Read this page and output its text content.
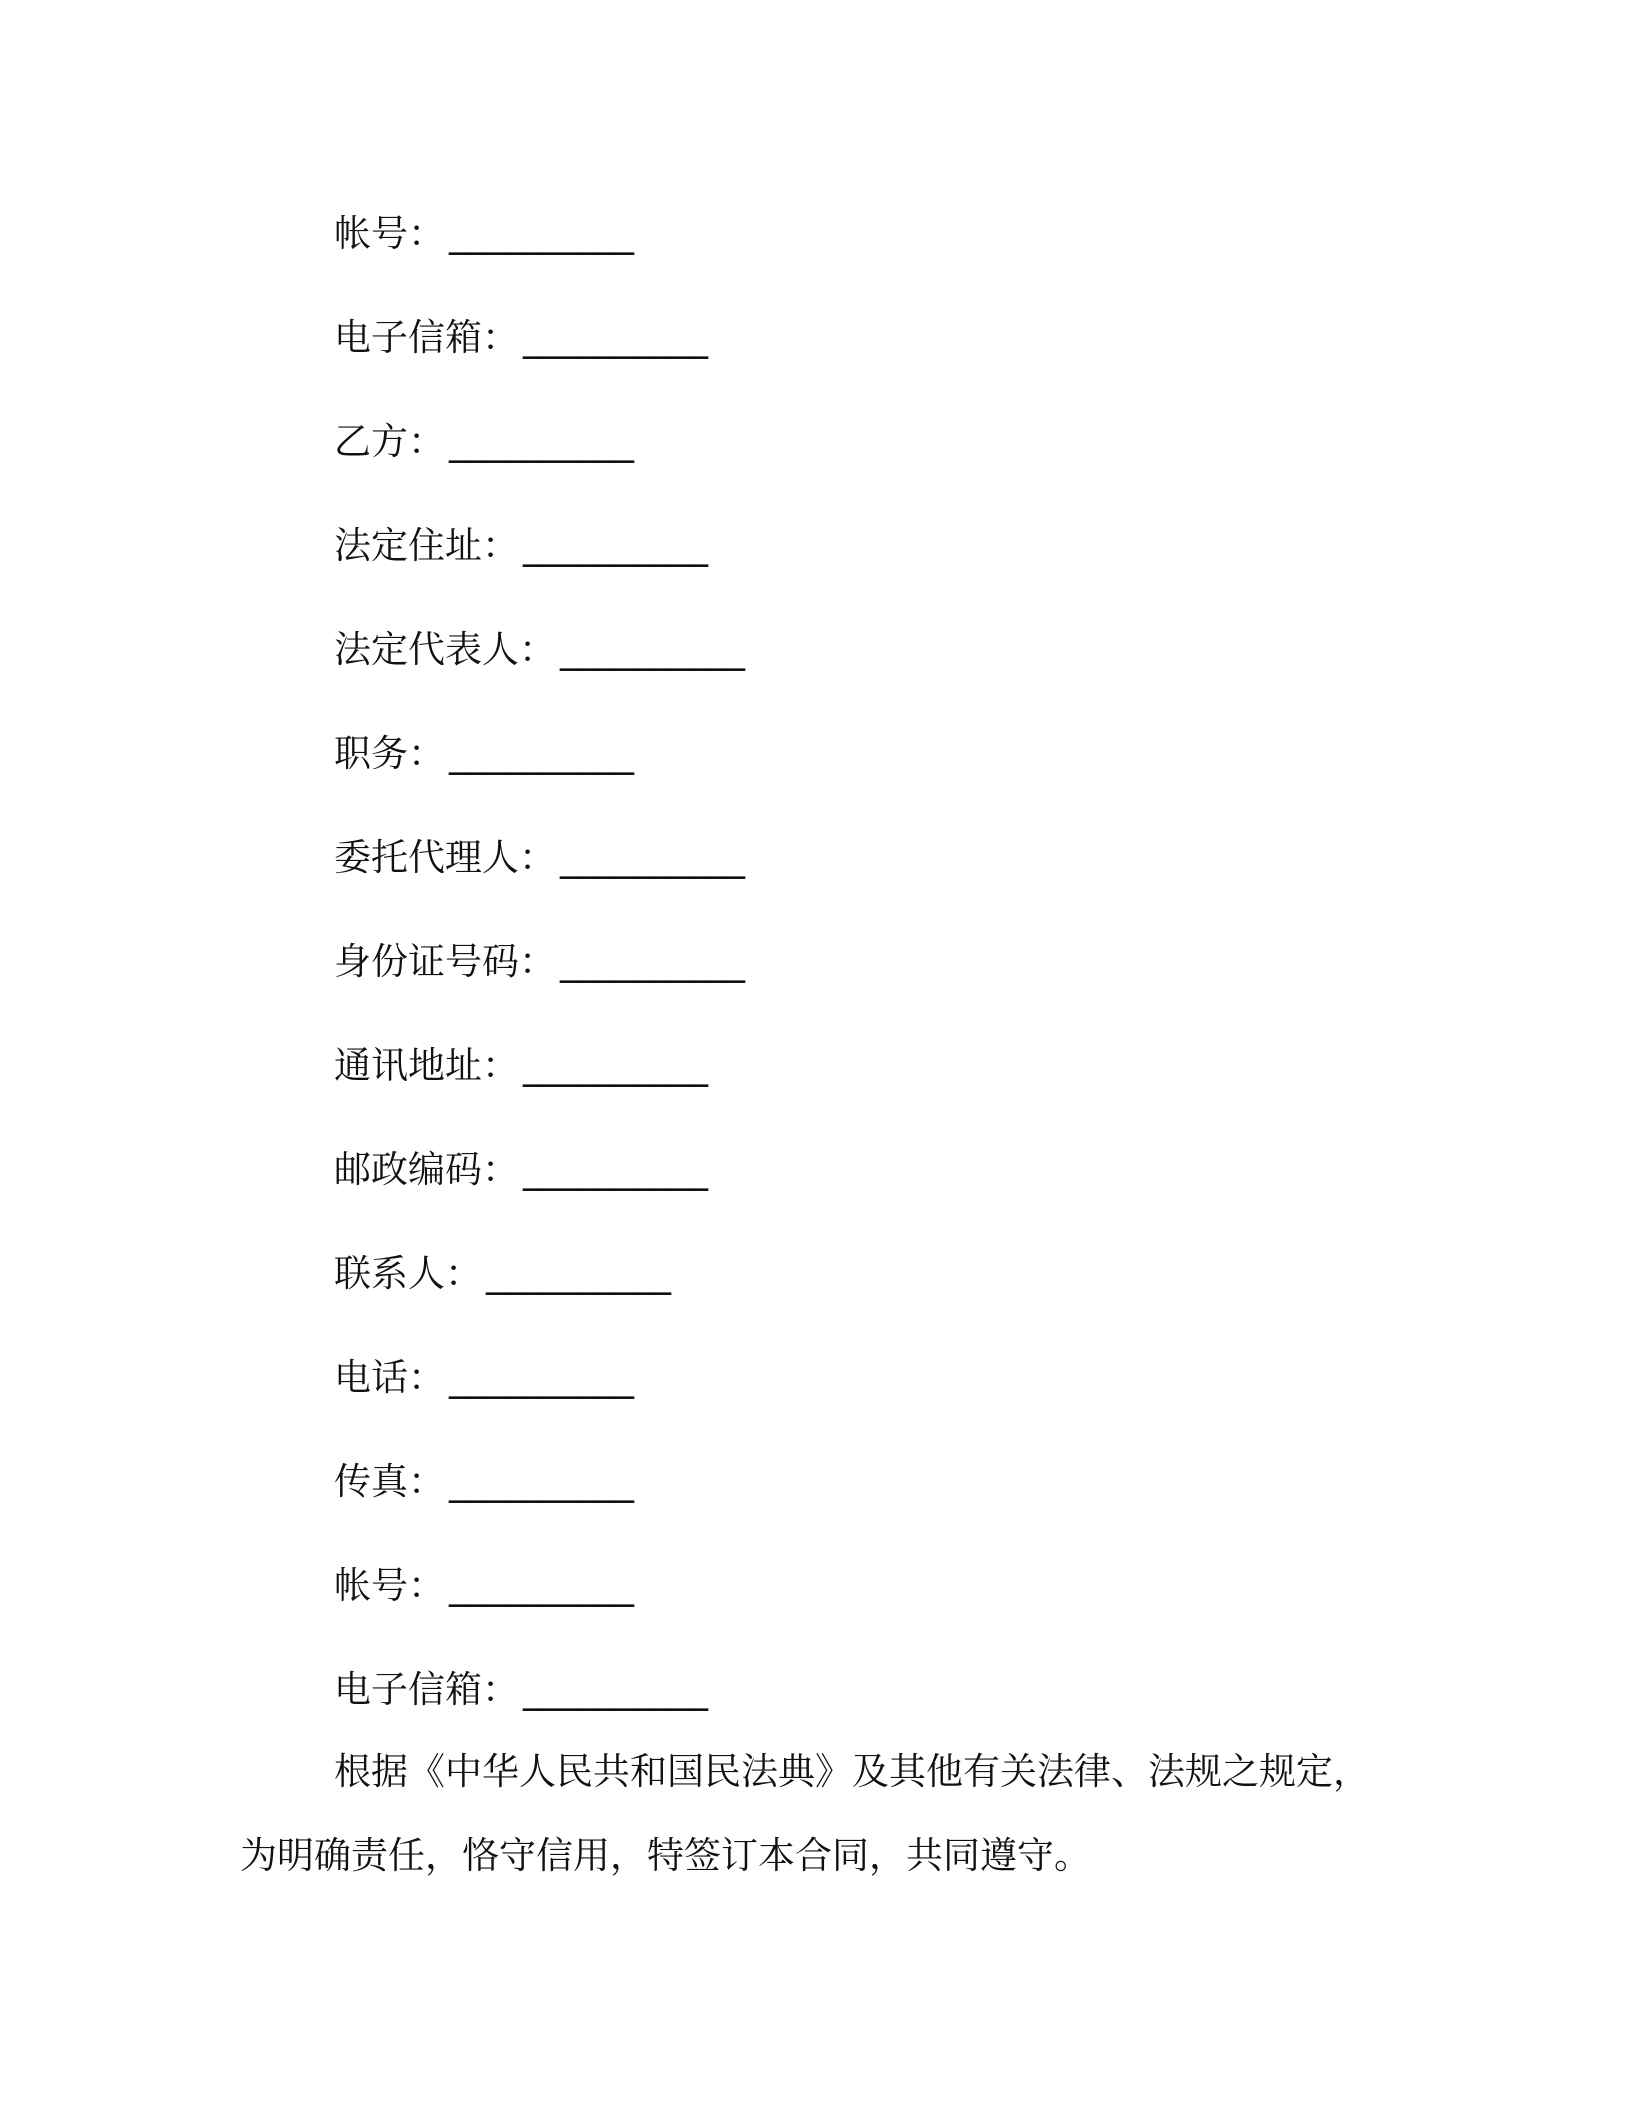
帐号： __________
电子信箱： __________
乙方： __________
法定住址： __________
法定代表人： __________
职务： __________
委托代理人： __________
身份证号码： __________
通讯地址： __________
邮政编码： __________
联系人： __________
电话： __________
传真： __________
帐号： __________
电子信箱： __________
根据《中华人民共和国民法典》及其他有关法律、法规之规定，
为明确责任，恪守信用，特签订本合同，共同遵守。
